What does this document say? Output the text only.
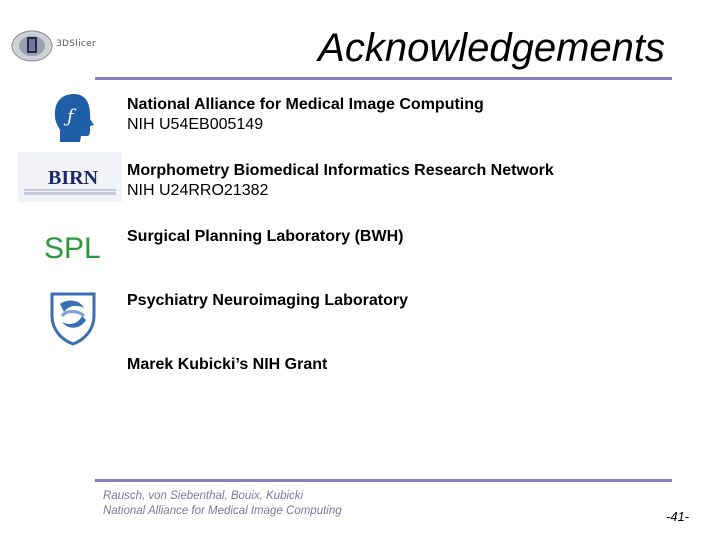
3DSlicer	Acknowledgements
ƒ
National Alliance for Medical Image Computing
NIH U54EB005149
BIRN Morphometry Biomedical Informatics Research Network
NIH U24RRO21382
SPL Surgical Planning Laboratory (BWH)
Psychiatry Neuroimaging Laboratory
Marek Kubicki’s NIH Grant
Rausch, von Siebenthal, Bouix, Kubicki
National Alliance for Medical Image Computing	-41-
